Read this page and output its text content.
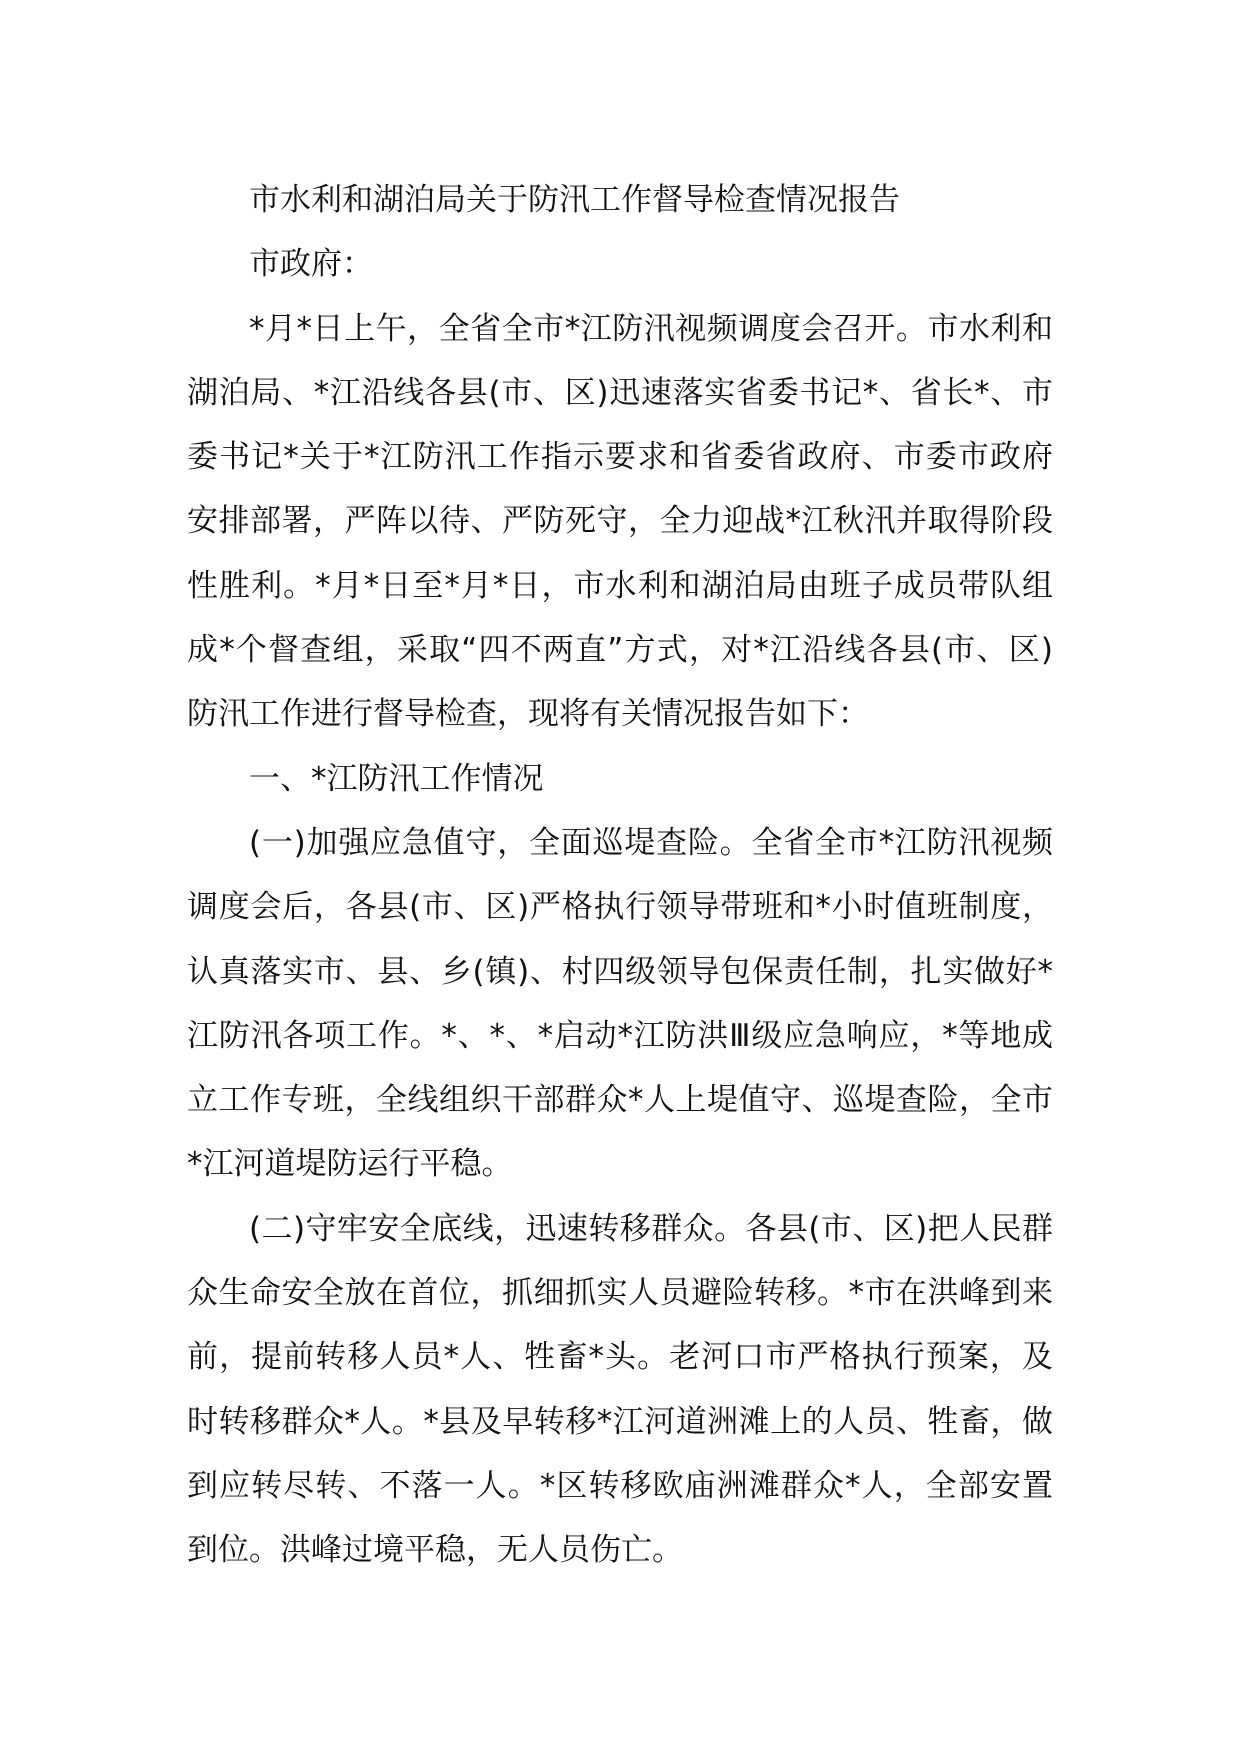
市水利和湖泊局关于防汛工作督导检查情况报告
市政府：
*月*日上午，全省全市*江防汛视频调度会召开。市水利和
湖泊局、*江沿线各县(市、区)迅速落实省委书记*、省长*、市
委书记*关于*江防汛工作指示要求和省委省政府、市委市政府
安排部署，严阵以待、严防死守，全力迎战*江秋汛并取得阶段
性胜利。*月*日至*月*日，市水利和湖泊局由班子成员带队组
成*个督查组，采取“四不两直”方式，对*江沿线各县(市、区)
防汛工作进行督导检查，现将有关情况报告如下：
一、*江防汛工作情况
(一)加强应急值守，全面巡堤查险。全省全市*江防汛视频
调度会后，各县(市、区)严格执行领导带班和*小时值班制度，
认真落实市、县、乡(镇)、村四级领导包保责任制，扎实做好*
江防汛各项工作。*、*、*启动*江防洪Ⅲ级应急响应，*等地成
立工作专班，全线组织干部群众*人上堤值守、巡堤查险，全市
*江河道堤防运行平稳。
(二)守牢安全底线，迅速转移群众。各县(市、区)把人民群
众生命安全放在首位，抓细抓实人员避险转移。*市在洪峰到来
前，提前转移人员*人、牲畜*头。老河口市严格执行预案，及
时转移群众*人。*县及早转移*江河道洲滩上的人员、牲畜，做
到应转尽转、不落一人。*区转移欧庙洲滩群众*人，全部安置
到位。洪峰过境平稳，无人员伤亡。
